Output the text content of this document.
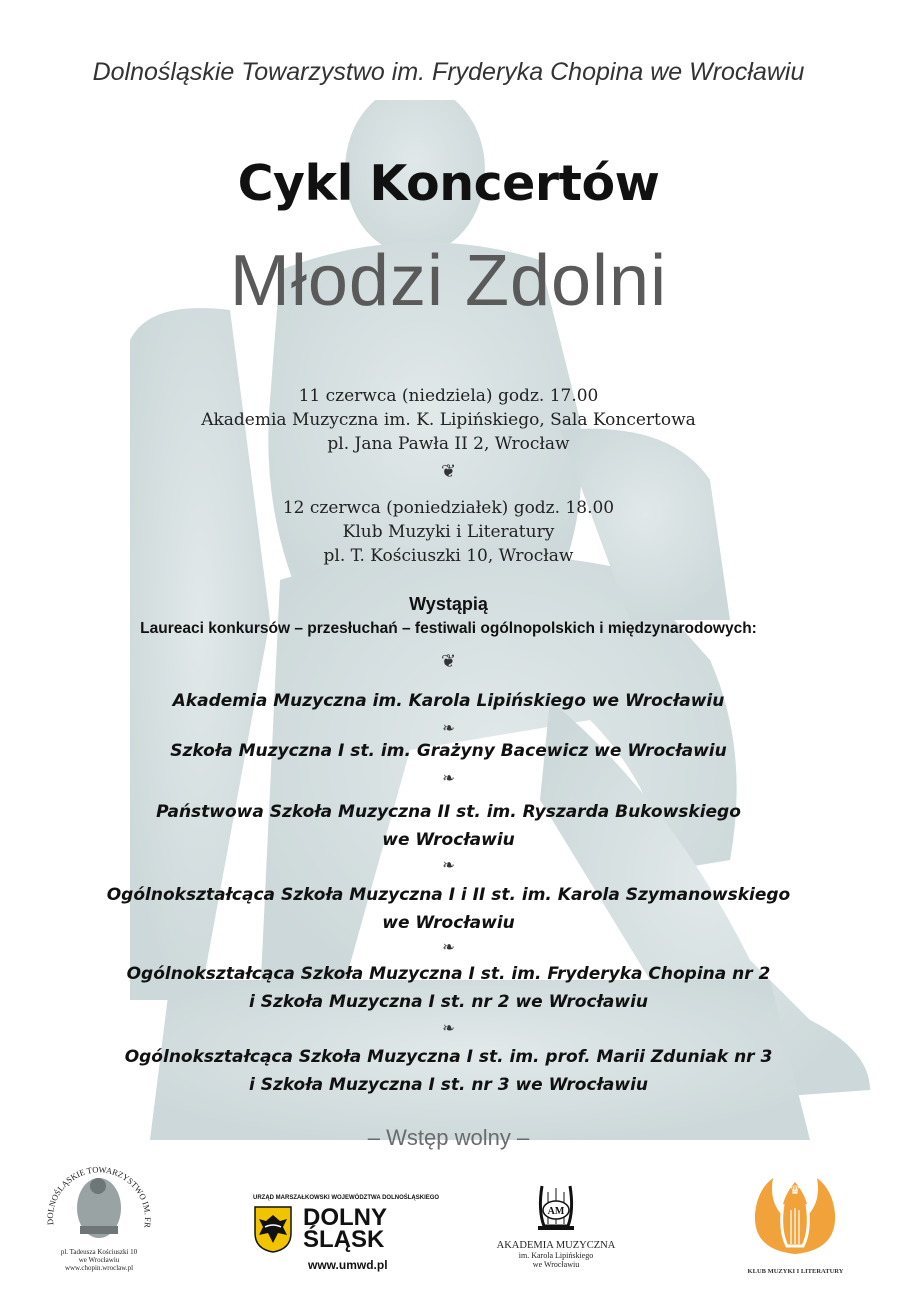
Dolnośląskie Towarzystwo im. Fryderyka Chopina we Wrocławiu
Cykl Koncertów
Młodzi Zdolni
11 czerwca (niedziela) godz. 17.00
Akademia Muzyczna im. K. Lipińskiego, Sala Koncertowa
pl. Jana Pawła II 2, Wrocław
❦
12 czerwca (poniedziałek) godz. 18.00
Klub Muzyki i Literatury
pl. T. Kościuszki 10, Wrocław
Wystąpią
Laureaci konkursów – przesłuchań – festiwali ogólnopolskich i międzynarodowych:
❦
Akademia Muzyczna im. Karola Lipińskiego we Wrocławiu
❧
Szkoła Muzyczna I st. im. Grażyny Bacewicz we Wrocławiu
❧
Państwowa Szkoła Muzyczna II st. im. Ryszarda Bukowskiego
we Wrocławiu
❧
Ogólnokształcąca Szkoła Muzyczna I i II st. im. Karola Szymanowskiego
we Wrocławiu
❧
Ogólnokształcąca Szkoła Muzyczna I st. im. Fryderyka Chopina nr 2
i Szkoła Muzyczna I st. nr 2 we Wrocławiu
❧
Ogólnokształcąca Szkoła Muzyczna I st. im. prof. Marii Zduniak nr 3
i Szkoła Muzyczna I st. nr 3 we Wrocławiu
– Wstęp wolny –
DOLNOŚLĄSKIE TOWARZYSTWO IM. FR
pl. Tadeusza Kościuszki 10
we Wrocławiu
www.chopin.wroclaw.pl
URZĄD MARSZAŁKOWSKI WOJEWÓDZTWA DOLNOŚLĄSKIEGO
DOLNY
ŚLĄSK
www.umwd.pl
AM
AKADEMIA MUZYCZNA
im. Karola Lipińskiego
we Wrocławiu
♛
KLUB MUZYKI I LITERATURY
